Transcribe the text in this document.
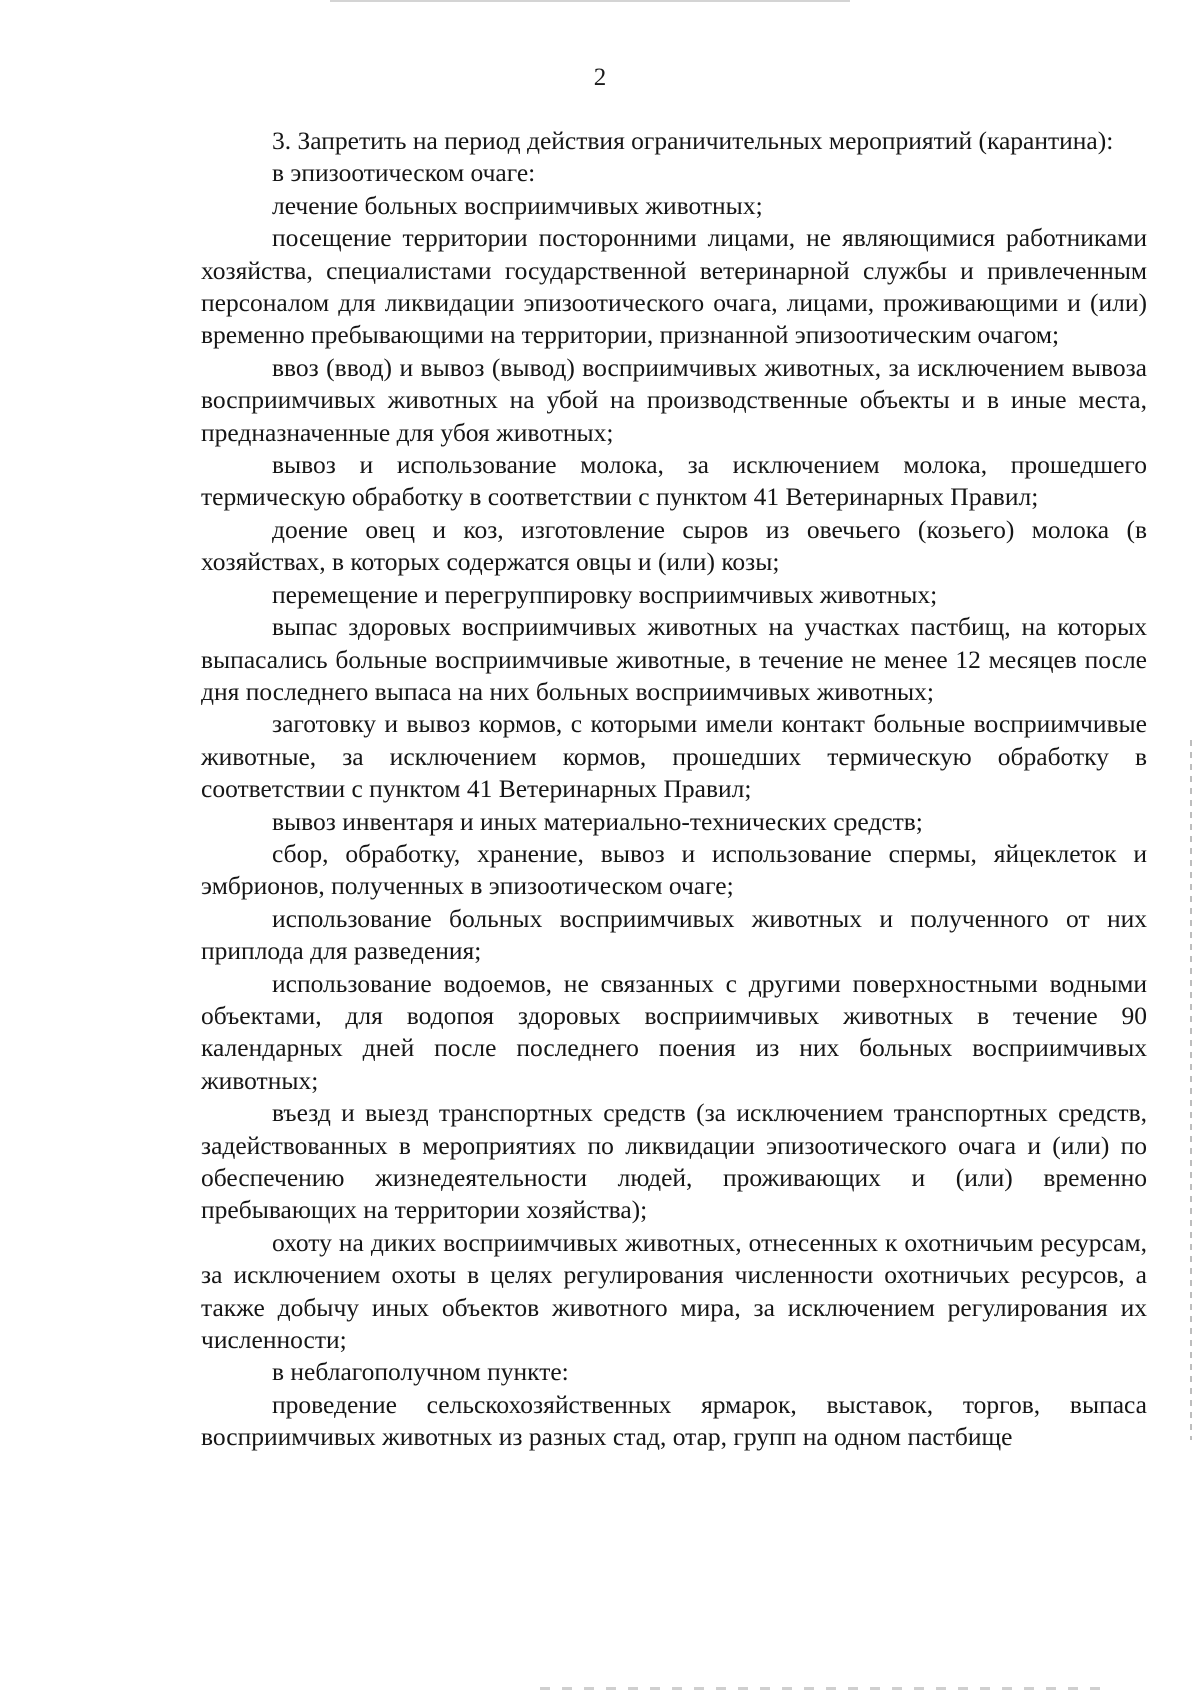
2

3. Запретить на период действия ограничительных мероприятий (карантина):

в эпизоотическом очаге:

лечение больных восприимчивых животных;

посещение территории посторонними лицами, не являющимися работниками хозяйства, специалистами государственной ветеринарной службы и привлеченным персоналом для ликвидации эпизоотического очага, лицами, проживающими и (или) временно пребывающими на территории, признанной эпизоотическим очагом;

ввоз (ввод) и вывоз (вывод) восприимчивых животных, за исключением вывоза восприимчивых животных на убой на производственные объекты и в иные места, предназначенные для убоя животных;

вывоз и использование молока, за исключением молока, прошедшего термическую обработку в соответствии с пунктом 41 Ветеринарных Правил;

доение овец и коз, изготовление сыров из овечьего (козьего) молока (в хозяйствах, в которых содержатся овцы и (или) козы;

перемещение и перегруппировку восприимчивых животных;

выпас здоровых восприимчивых животных на участках пастбищ, на которых выпасались больные восприимчивые животные, в течение не менее 12 месяцев после дня последнего выпаса на них больных восприимчивых животных;

заготовку и вывоз кормов, с которыми имели контакт больные восприимчивые животные, за исключением кормов, прошедших термическую обработку в соответствии с пунктом 41 Ветеринарных Правил;

вывоз инвентаря и иных материально-технических средств;

сбор, обработку, хранение, вывоз и использование спермы, яйцеклеток и эмбрионов, полученных в эпизоотическом очаге;

использование больных восприимчивых животных и полученного от них приплода для разведения;

использование водоемов, не связанных с другими поверхностными водными объектами, для водопоя здоровых восприимчивых животных в течение 90 календарных дней после последнего поения из них больных восприимчивых животных;

въезд и выезд транспортных средств (за исключением транспортных средств, задействованных в мероприятиях по ликвидации эпизоотического очага и (или) по обеспечению жизнедеятельности людей, проживающих и (или) временно пребывающих на территории хозяйства);

охоту на диких восприимчивых животных, отнесенных к охотничьим ресурсам, за исключением охоты в целях регулирования численности охотничьих ресурсов, а также добычу иных объектов животного мира, за исключением регулирования их численности;

в неблагополучном пункте:

проведение сельскохозяйственных ярмарок, выставок, торгов, выпаса восприимчивых животных из разных стад, отар, групп на одном пастбище
